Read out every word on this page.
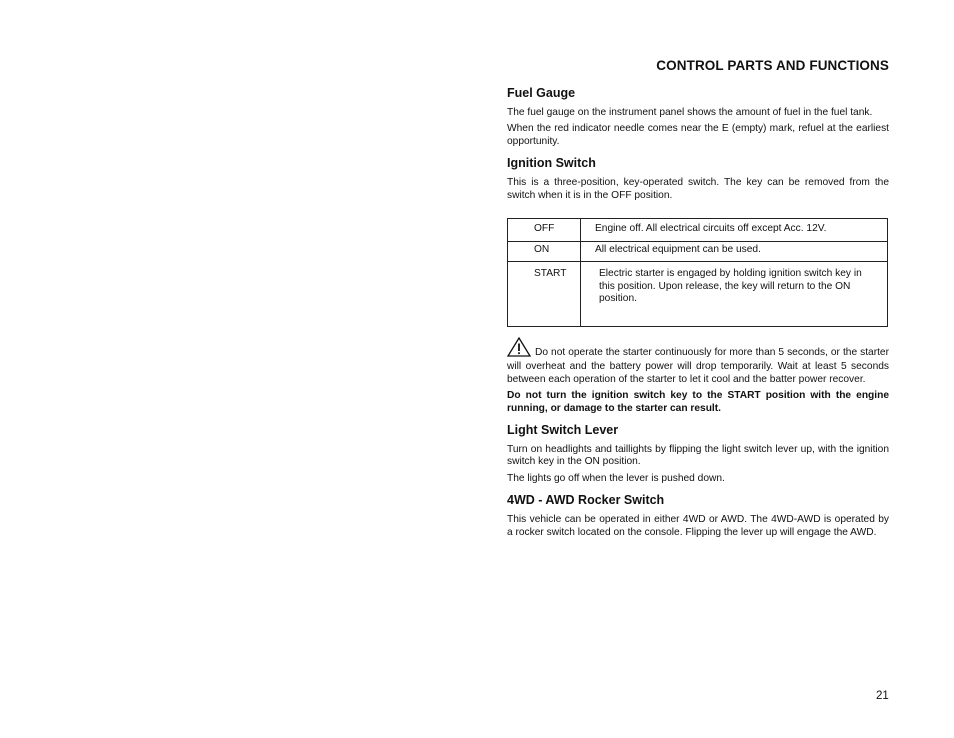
CONTROL PARTS AND FUNCTIONS
Fuel Gauge

The fuel gauge on the instrument panel shows the amount of fuel in the fuel tank.

When the red indicator needle comes near the E (empty) mark, refuel at the earliest opportunity.

Ignition Switch

This is a three-position, key-operated switch. The key can be removed from the switch when it is in the OFF position.

OFF	Engine off. All electrical circuits off except Acc. 12V.

ON	All electrical equipment can be used.

START	Electric starter is engaged by holding ignition switch key in this position. Upon release, the key will return to the ON position.

Do not operate the starter continuously for more than 5 seconds, or the starter will overheat and the battery power will drop temporarily. Wait at least 5 seconds between each operation of the starter to let it cool and the batter power recover.

Do not turn the ignition switch key to the START position with the engine running, or damage to the starter can result.

Light Switch Lever

Turn on headlights and taillights by flipping the light switch lever up, with the ignition switch key in the ON position.

The lights go off when the lever is pushed down.

4WD - AWD Rocker Switch

This vehicle can be operated in either 4WD or AWD. The 4WD-AWD is operated by a rocker switch located on the console. Flipping the lever up will engage the AWD.

21
